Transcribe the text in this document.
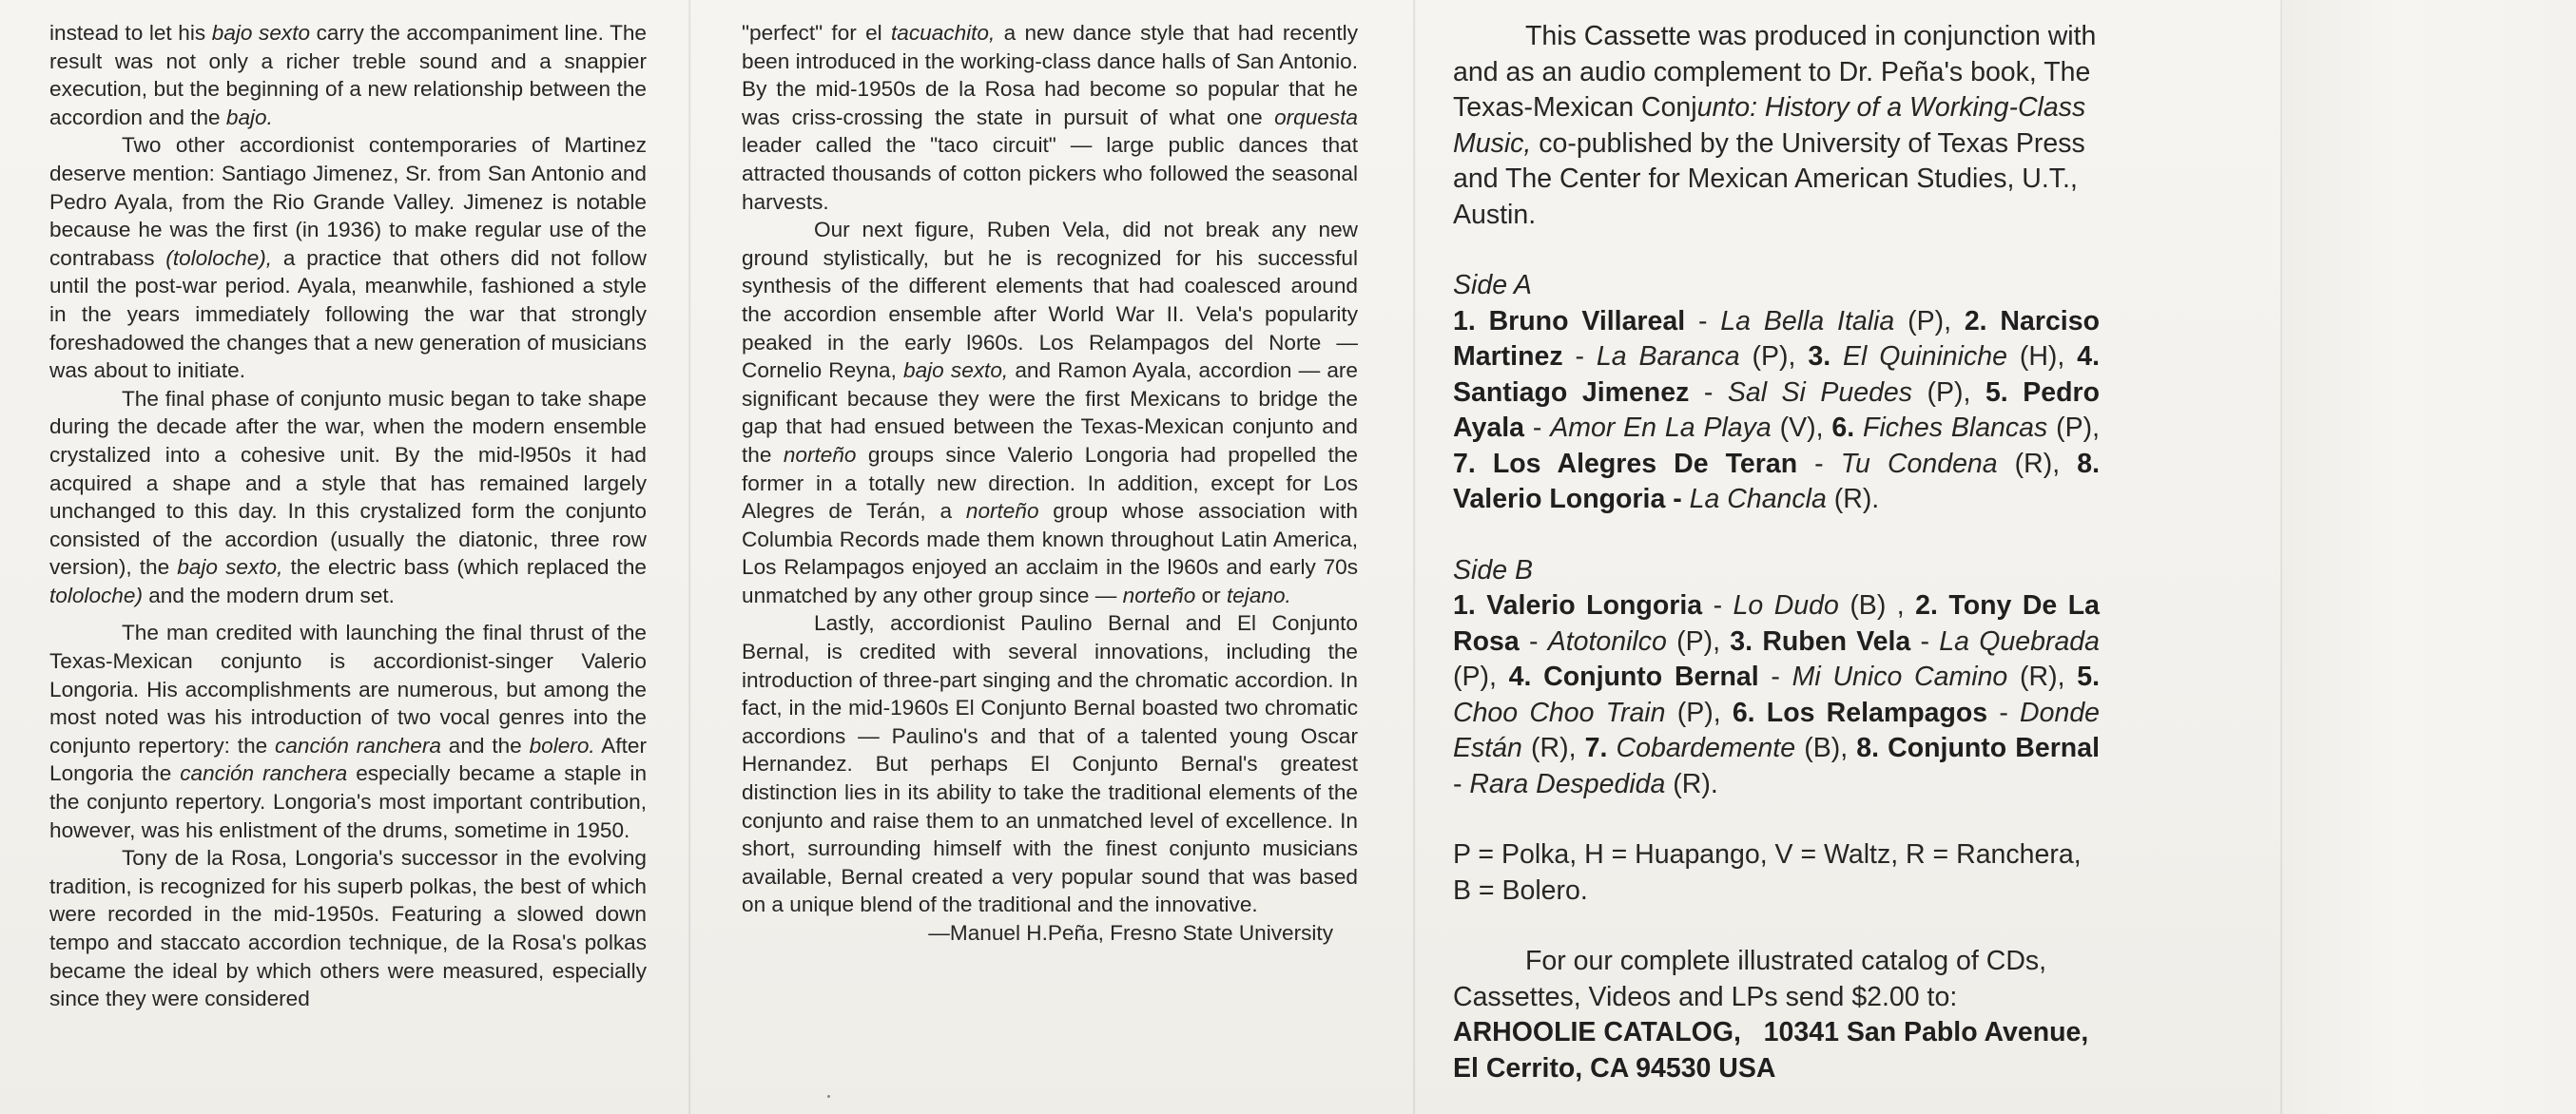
instead to let his bajo sexto carry the accompaniment line. The result was not only a richer treble sound and a snappier execution, but the beginning of a new relationship between the accordion and the bajo.

Two other accordionist contemporaries of Martinez deserve mention: Santiago Jimenez, Sr. from San Antonio and Pedro Ayala, from the Rio Grande Valley. Jimenez is notable because he was the first (in 1936) to make regular use of the contrabass (tololoche), a practice that others did not follow until the post-war period. Ayala, meanwhile, fashioned a style in the years immediately following the war that strongly foreshadowed the changes that a new generation of musicians was about to initiate.

The final phase of conjunto music began to take shape during the decade after the war, when the modern ensemble crystalized into a cohesive unit. By the mid-l950s it had acquired a shape and a style that has remained largely unchanged to this day. In this crystalized form the conjunto consisted of the accordion (usually the diatonic, three row version), the bajo sexto, the electric bass (which replaced the tololoche) and the modern drum set.

The man credited with launching the final thrust of the Texas-Mexican conjunto is accordionist-singer Valerio Longoria. His accomplishments are numerous, but among the most noted was his introduction of two vocal genres into the conjunto repertory: the canción ranchera and the bolero. After Longoria the canción ranchera especially became a staple in the conjunto repertory. Longoria's most important contribution, however, was his enlistment of the drums, sometime in 1950.

Tony de la Rosa, Longoria's successor in the evolving tradition, is recognized for his superb polkas, the best of which were recorded in the mid-1950s. Featuring a slowed down tempo and staccato accordion technique, de la Rosa's polkas became the ideal by which others were measured, especially since they were considered

"perfect" for el tacuachito, a new dance style that had recently been introduced in the working-class dance halls of San Antonio. By the mid-1950s de la Rosa had become so popular that he was criss-crossing the state in pursuit of what one orquesta leader called the "taco circuit" — large public dances that attracted thousands of cotton pickers who followed the seasonal harvests.

Our next figure, Ruben Vela, did not break any new ground stylistically, but he is recognized for his successful synthesis of the different elements that had coalesced around the accordion ensemble after World War II. Vela's popularity peaked in the early l960s. Los Relampagos del Norte — Cornelio Reyna, bajo sexto, and Ramon Ayala, accordion — are significant because they were the first Mexicans to bridge the gap that had ensued between the Texas-Mexican conjunto and the norteño groups since Valerio Longoria had propelled the former in a totally new direction. In addition, except for Los Alegres de Terán, a norteño group whose association with Columbia Records made them known throughout Latin America, Los Relampagos enjoyed an acclaim in the l960s and early 70s unmatched by any other group since — norteño or tejano.

Lastly, accordionist Paulino Bernal and El Conjunto Bernal, is credited with several innovations, including the introduction of three-part singing and the chromatic accordion. In fact, in the mid-1960s El Conjunto Bernal boasted two chromatic accordions — Paulino's and that of a talented young Oscar Hernandez. But perhaps El Conjunto Bernal's greatest distinction lies in its ability to take the traditional elements of the conjunto and raise them to an unmatched level of excellence. In short, surrounding himself with the finest conjunto musicians available, Bernal created a very popular sound that was based on a unique blend of the traditional and the innovative.

—Manuel H.Peña, Fresno State University

This Cassette was produced in conjunction with and as an audio complement to Dr. Peña's book, The Texas-Mexican Conjunto: History of a Working-Class Music, co-published by the University of Texas Press and The Center for Mexican American Studies, U.T., Austin.

Side A

1. Bruno Villareal - La Bella Italia (P), 2. Narciso Martinez - La Baranca (P), 3. El Quininiche (H), 4. Santiago Jimenez - Sal Si Puedes (P), 5. Pedro Ayala - Amor En La Playa (V), 6. Fiches Blancas (P), 7. Los Alegres De Teran - Tu Condena (R), 8. Valerio Longoria - La Chancla (R).

Side B

1. Valerio Longoria - Lo Dudo (B) , 2. Tony De La Rosa - Atotonilco (P), 3. Ruben Vela - La Quebrada (P), 4. Conjunto Bernal - Mi Unico Camino (R), 5. Choo Choo Train (P), 6. Los Relampagos - Donde Están (R), 7. Cobardemente (B), 8. Conjunto Bernal - Rara Despedida (R).

P = Polka, H = Huapango, V = Waltz, R = Ranchera, B = Bolero.

For our complete illustrated catalog of CDs, Cassettes, Videos and LPs send $2.00 to:

ARHOOLIE CATALOG,   10341 San Pablo Avenue, El Cerrito, CA 94530 USA
